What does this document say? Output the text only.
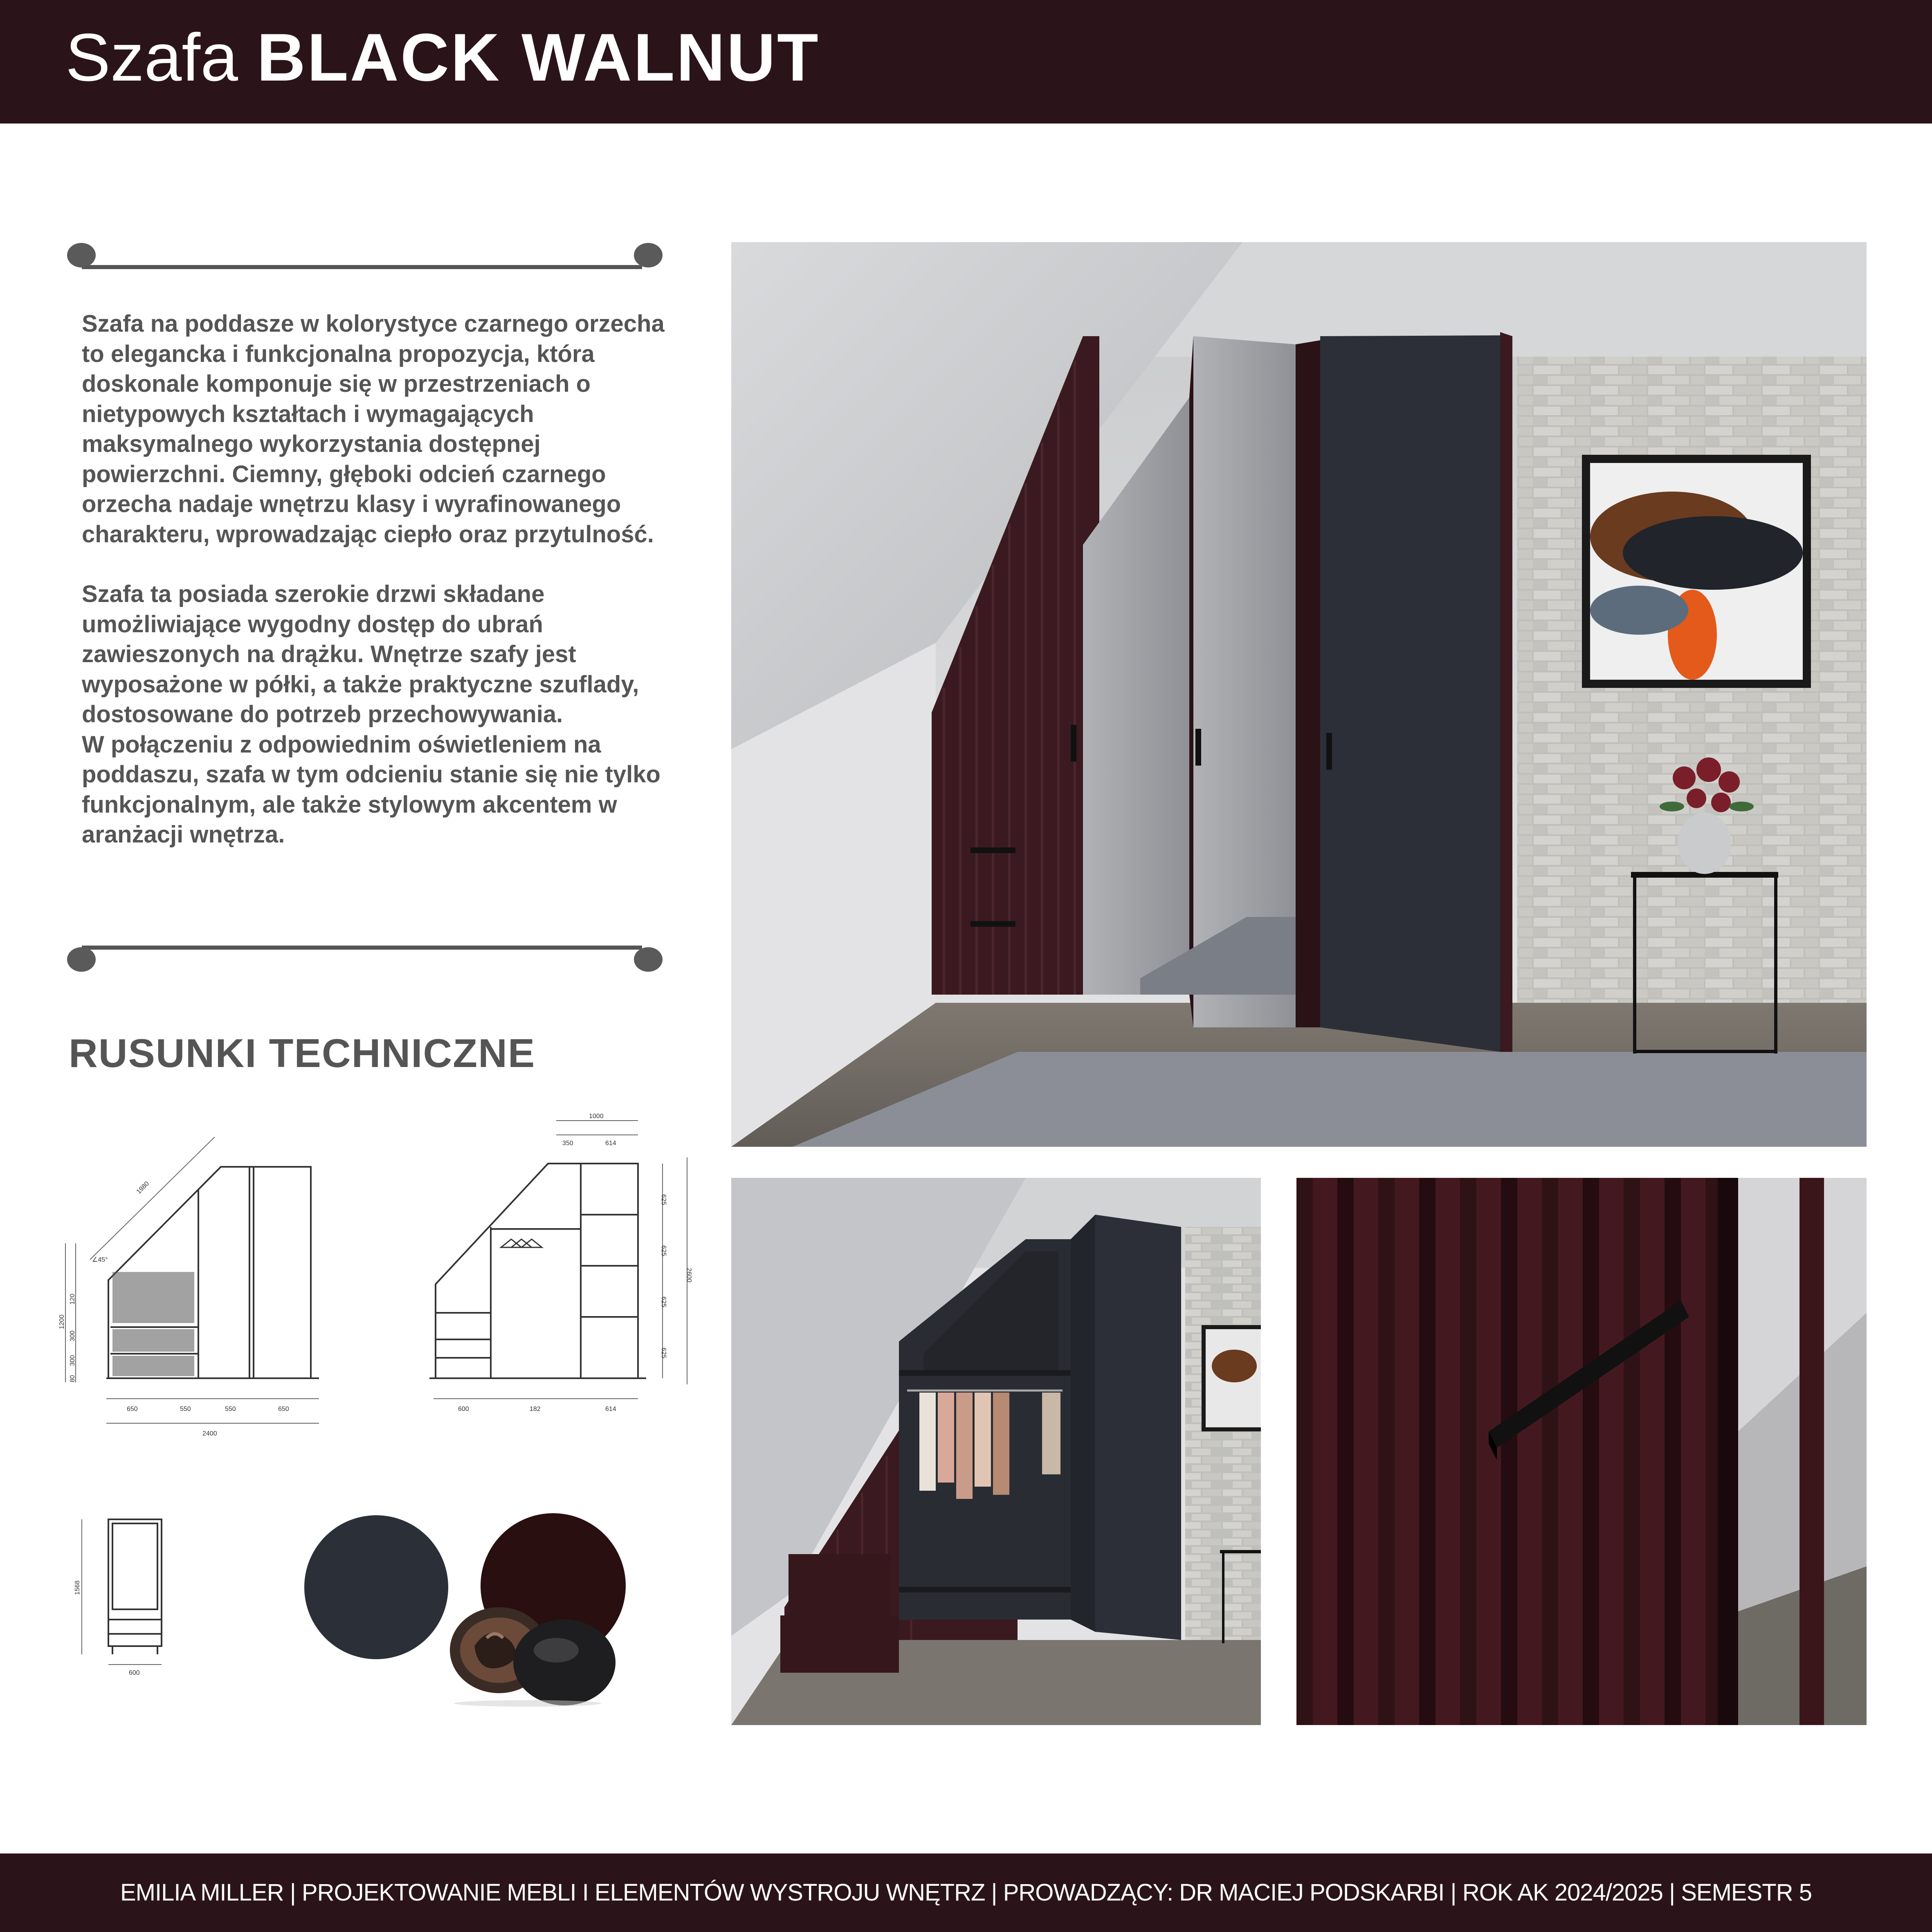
Szafa BLACK WALNUT

Szafa na poddasze w kolorystyce czarnego orzecha to elegancka i funkcjonalna propozycja, która doskonale komponuje się w przestrzeniach o nietypowych kształtach i wymagających maksymalnego wykorzystania dostępnej powierzchni. Ciemny, głęboki odcień czarnego orzecha nadaje wnętrzu klasy i wyrafinowanego charakteru, wprowadzając ciepło oraz przytulność.

Szafa ta posiada szerokie drzwi składane umożliwiające wygodny dostęp do ubrań zawieszonych na drążku. Wnętrze szafy jest wyposażone w półki, a także praktyczne szuflady, dostosowane do potrzeb przechowywania.

W połączeniu z odpowiednim oświetleniem na poddaszu, szafa w tym odcieniu stanie się nie tylko funkcjonalnym, ale także stylowym akcentem w aranżacji wnętrza.

RUSUNKI TECHNICZNE
1980
∠45°
1200
120
300
300
80
650	550	550	650
2400
1000
350	614
625
625
625
625
2600
600	182	614
1568
600
EMILIA MILLER | PROJEKTOWANIE MEBLI I ELEMENTÓW WYSTROJU WNĘTRZ | PROWADZĄCY: DR MACIEJ PODSKARBI | ROK AK 2024/2025 | SEMESTR 5
